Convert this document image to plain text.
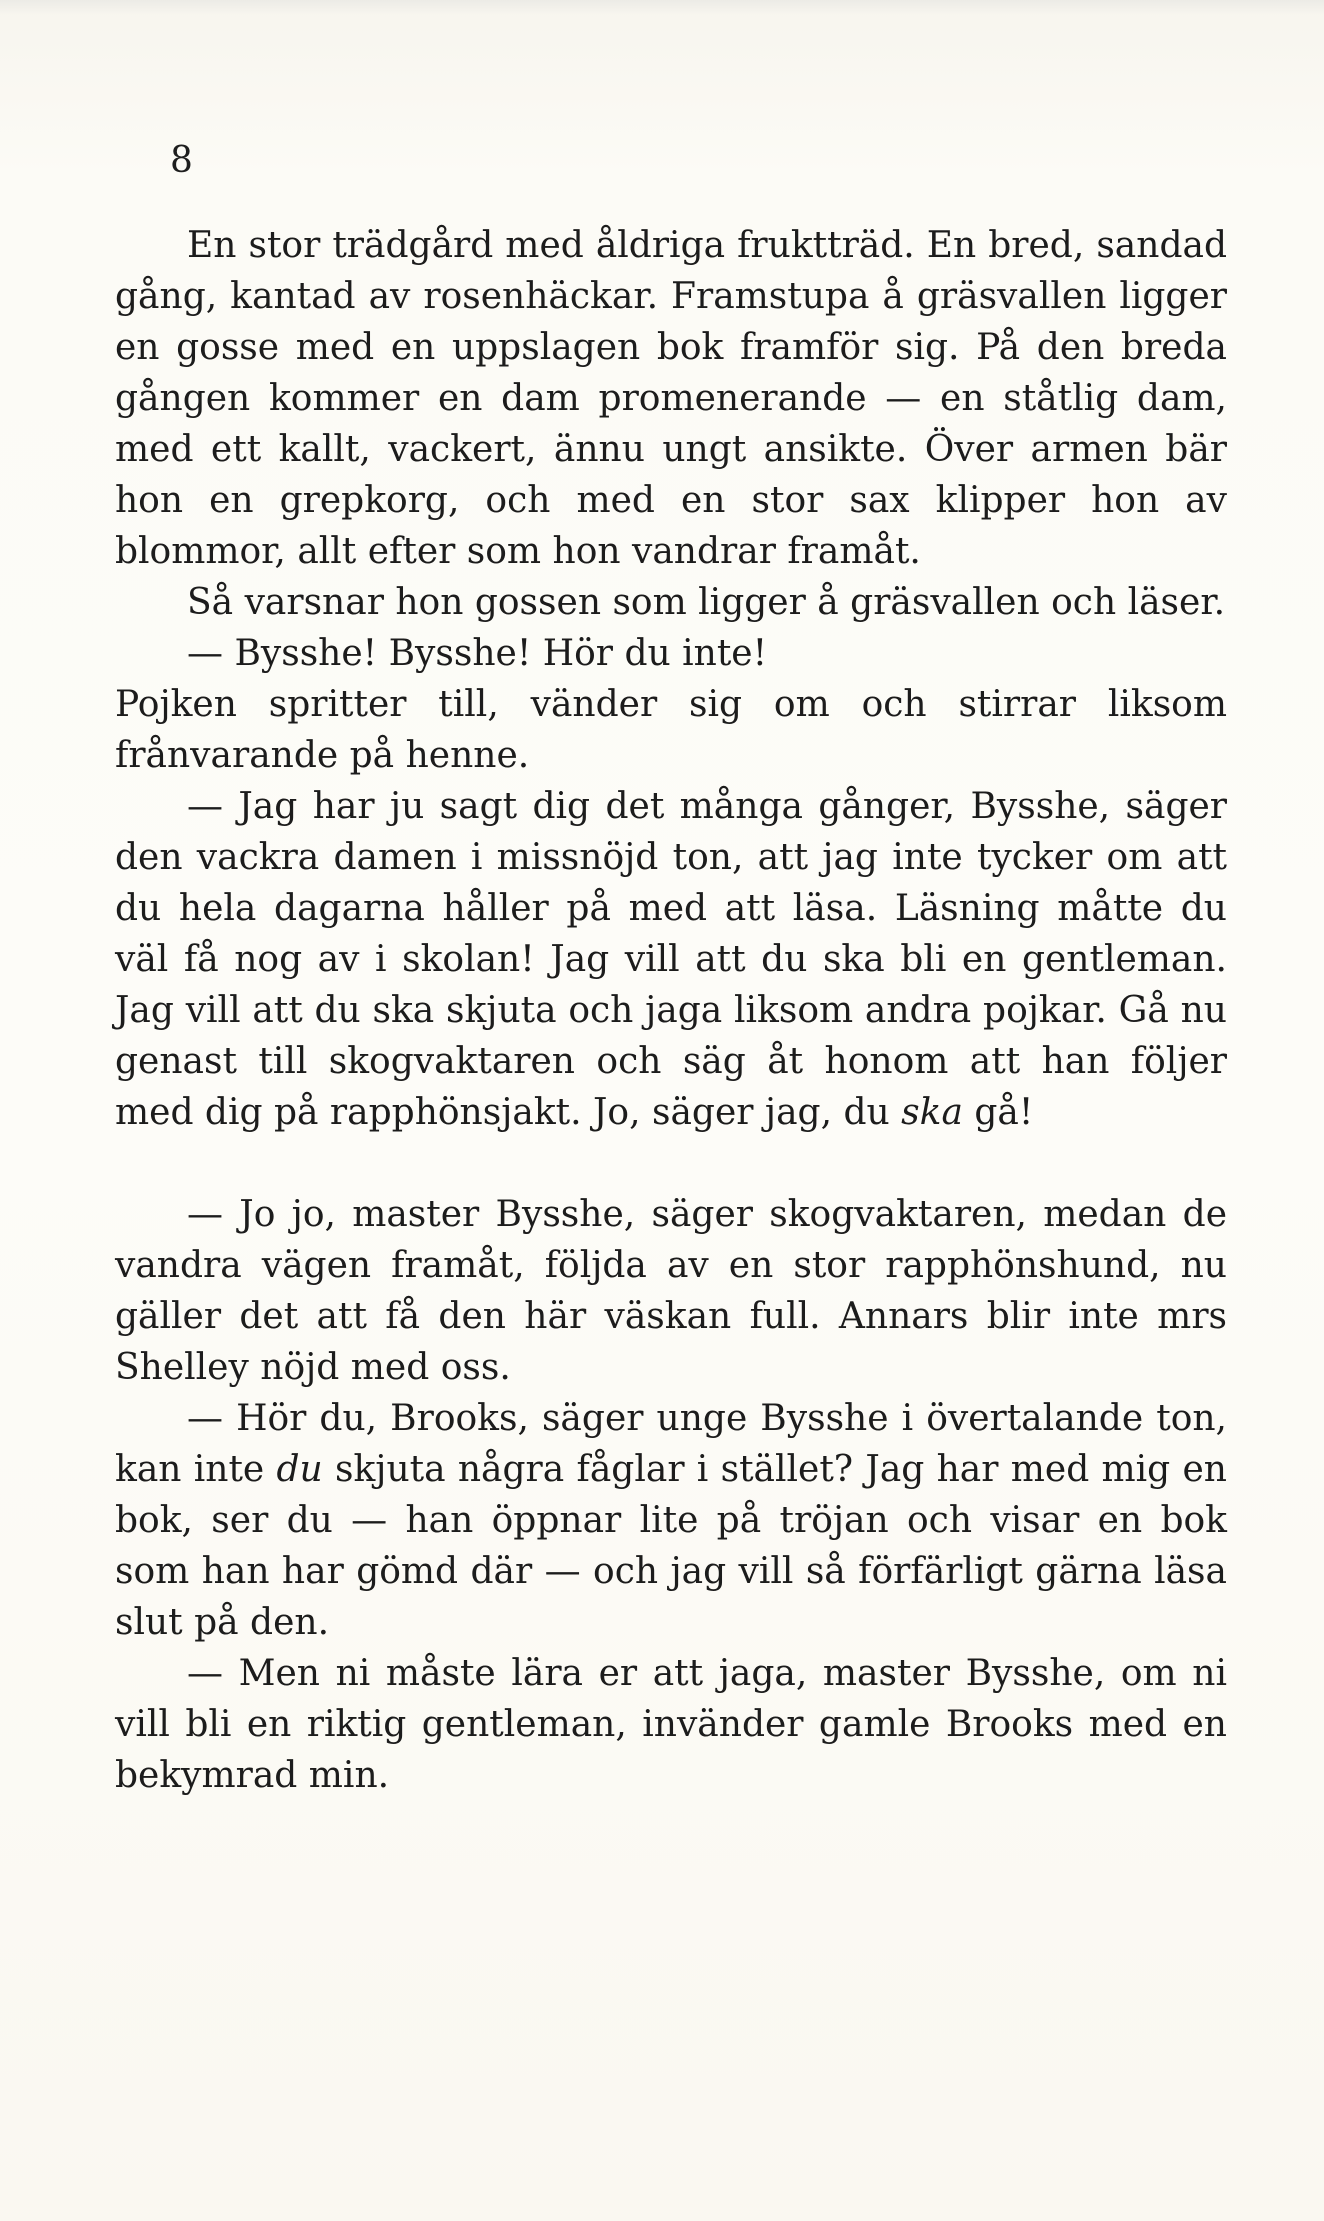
8

En stor trädgård med åldriga fruktträd. En bred, sandad gång, kantad av rosenhäckar. Framstupa å gräsvallen ligger en gosse med en uppslagen bok framför sig. På den breda gången kommer en dam promenerande — en ståtlig dam, med ett kallt, vackert, ännu ungt ansikte. Över armen bär hon en grepkorg, och med en stor sax klipper hon av blommor, allt efter som hon vandrar framåt.

Så varsnar hon gossen som ligger å gräsvallen och läser.

— Bysshe! Bysshe! Hör du inte!

Pojken spritter till, vänder sig om och stirrar liksom frånvarande på henne.

— Jag har ju sagt dig det många gånger, Bysshe, säger den vackra damen i missnöjd ton, att jag inte tycker om att du hela dagarna håller på med att läsa. Läsning måtte du väl få nog av i skolan! Jag vill att du ska bli en gentleman. Jag vill att du ska skjuta och jaga liksom andra pojkar. Gå nu genast till skogvaktaren och säg åt honom att han följer med dig på rapphönsjakt. Jo, säger jag, du ska gå!

— Jo jo, master Bysshe, säger skogvaktaren, medan de vandra vägen framåt, följda av en stor rapphönshund, nu gäller det att få den här väskan full. Annars blir inte mrs Shelley nöjd med oss.

— Hör du, Brooks, säger unge Bysshe i övertalande ton, kan inte du skjuta några fåglar i stället? Jag har med mig en bok, ser du — han öppnar lite på tröjan och visar en bok som han har gömd där — och jag vill så förfärligt gärna läsa slut på den.

— Men ni måste lära er att jaga, master Bysshe, om ni vill bli en riktig gentleman, invänder gamle Brooks med en bekymrad min.
